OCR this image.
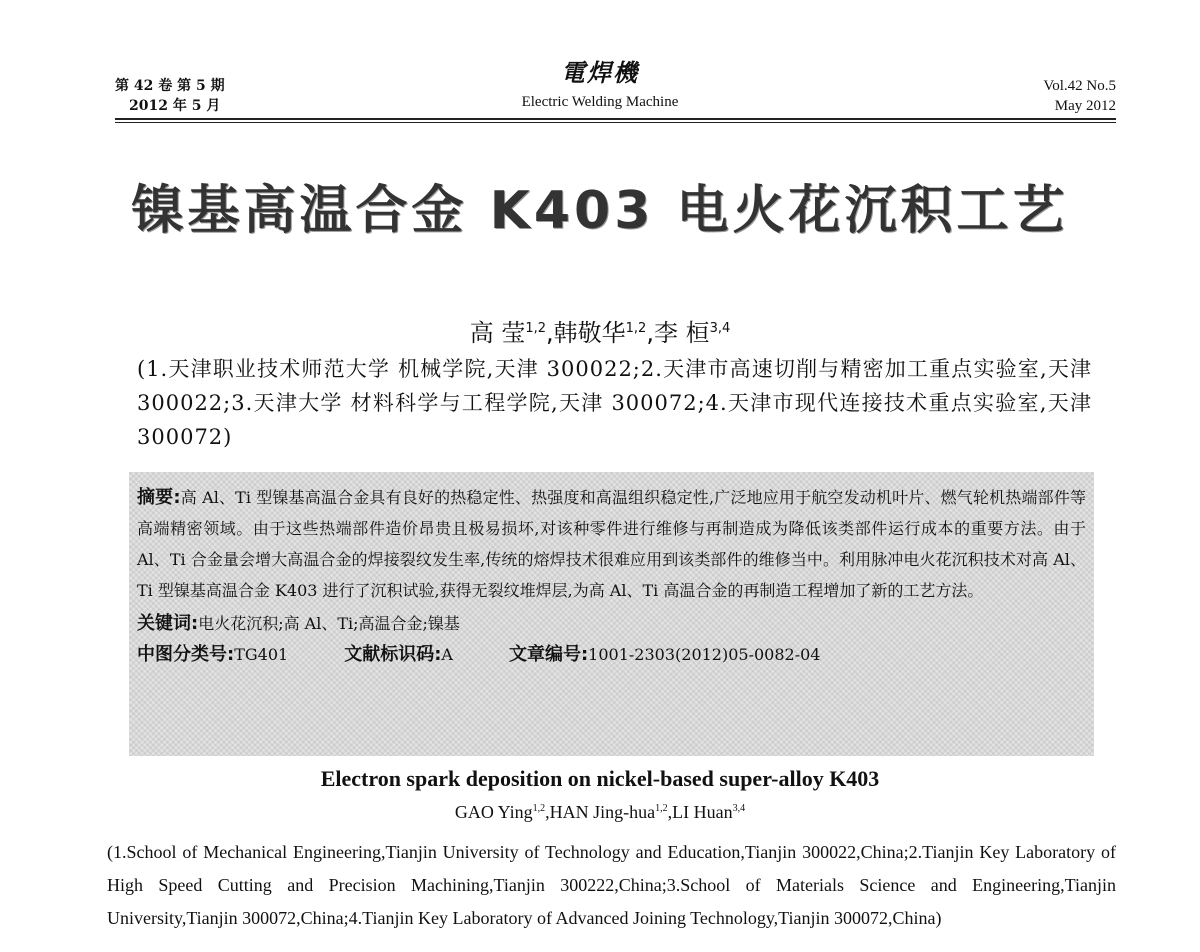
第 42 卷 第 5 期
2012 年 5 月
電焊機
Electric Welding Machine
Vol.42 No.5
May 2012
镍基高温合金 K403 电火花沉积工艺
高 莹$^{1,2}$,韩敬华$^{1,2}$,李 桓$^{3,4}$
(1.天津职业技术师范大学 机械学院,天津 300022;2.天津市高速切削与精密加工重点实验室,天津 300022;3.天津大学 材料科学与工程学院,天津 300072;4.天津市现代连接技术重点实验室,天津 300072)
摘要:高 Al、Ti 型镍基高温合金具有良好的热稳定性、热强度和高温组织稳定性,广泛地应用于航空发动机叶片、燃气轮机热端部件等高端精密领域。由于这些热端部件造价昂贵且极易损坏,对该种零件进行维修与再制造成为降低该类部件运行成本的重要方法。由于 Al、Ti 合金量会增大高温合金的焊接裂纹发生率,传统的熔焊技术很难应用到该类部件的维修当中。利用脉冲电火花沉积技术对高 Al、Ti 型镍基高温合金 K403 进行了沉积试验,获得无裂纹堆焊层,为高 Al、Ti 高温合金的再制造工程增加了新的工艺方法。
关键词:电火花沉积;高 Al、Ti;高温合金;镍基
中图分类号:TG401	文献标识码:A	文章编号:1001-2303(2012)05-0082-04
Electron spark deposition on nickel-based super-alloy K403
GAO Ying$^{1,2}$,HAN Jing-hua$^{1,2}$,LI Huan$^{3,4}$
(1.School of Mechanical Engineering,Tianjin University of Technology and Education,Tianjin 300022,China;2.Tianjin Key Laboratory of High Speed Cutting and Precision Machining,Tianjin 300222,China;3.School of Materials Science and Engineering,Tianjin University,Tianjin 300072,China;4.Tianjin Key Laboratory of Advanced Joining Technology,Tianjin 300072,China)
